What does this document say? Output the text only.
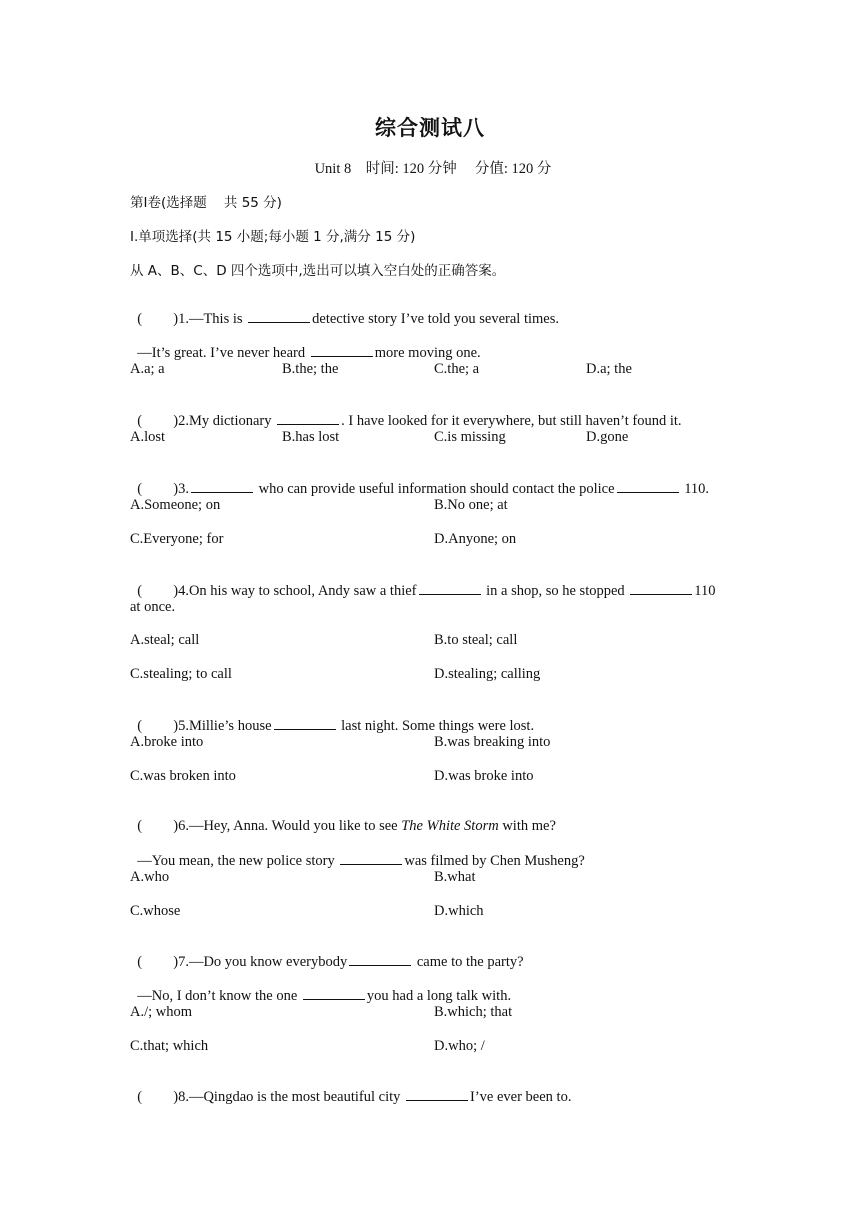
综合测试八
Unit 8    时间: 120 分钟     分值: 120 分
第Ⅰ卷(选择题    共 55 分)
Ⅰ.单项选择(共 15 小题;每小题 1 分,满分 15 分)
从 A、B、C、D 四个选项中,选出可以填入空白处的正确答案。

( )1.—This is	detective story I’ve told you several times.

—It’s great. I’ve never heard	more moving one.

A.a; a	B.the; the	C.the; a	D.a; the

( )2.My dictionary	. I have looked for it everywhere, but still haven’t found it.

A.lost	B.has lost	C.is missing	D.gone

( )3.	who can provide useful information should contact the police	110.

A.Someone; on	B.No one; at
C.Everyone; for	D.Anyone; on

( )4.On his way to school, Andy saw a thief	in a shop, so he stopped	110

at once.
A.steal; call	B.to steal; call
C.stealing; to call	D.stealing; calling

( )5.Millie’s house	last night. Some things were lost.

A.broke into	B.was breaking into
C.was broken into	D.was broke into

( )6.—Hey, Anna. Would you like to see The White Storm with me?

—You mean, the new police story	was filmed by Chen Musheng?

A.who	B.what
C.whose	D.which

( )7.—Do you know everybody	came to the party?

—No, I don’t know the one	you had a long talk with.

A./; whom	B.which; that
C.that; which	D.who; /

( )8.—Qingdao is the most beautiful city	I’ve ever been to.
